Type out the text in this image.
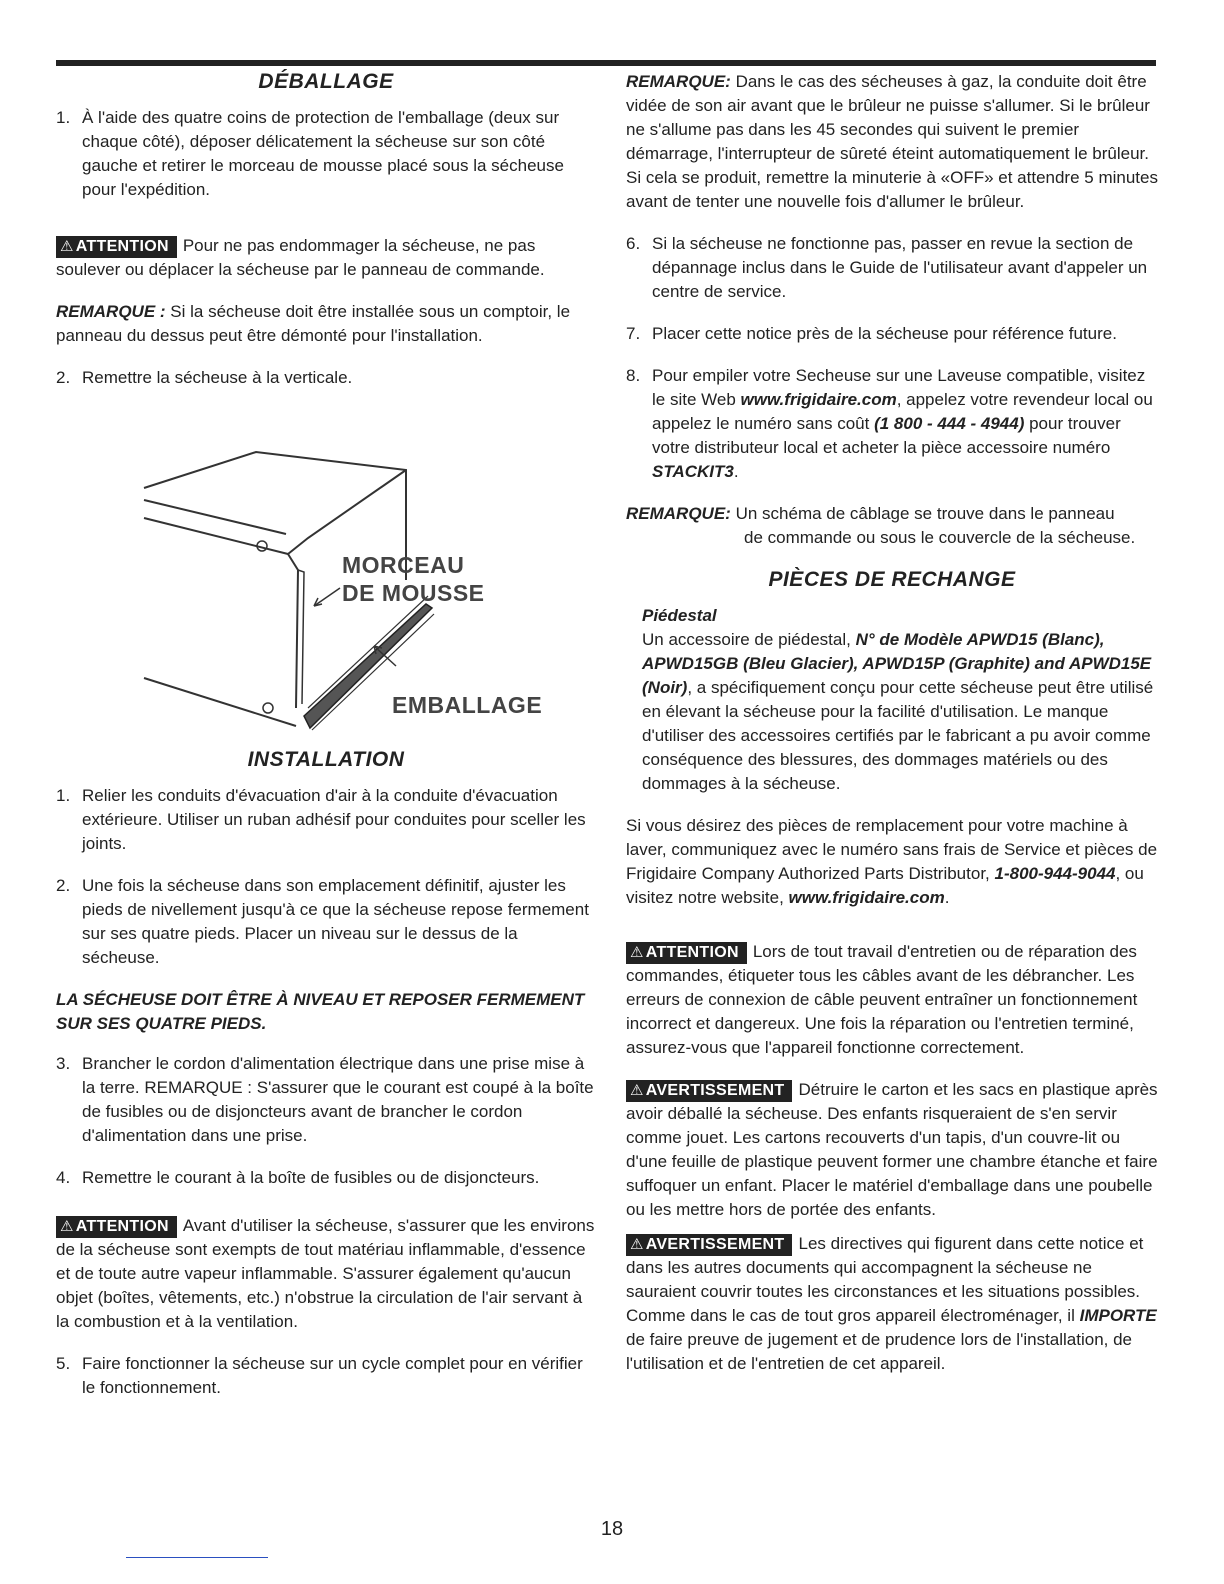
DÉBALLAGE
1. À l'aide des quatre coins de protection de l'emballage (deux sur chaque côté), déposer délicatement la sécheuse sur son côté gauche et retirer le morceau de mousse placé sous la sécheuse pour l'expédition.

⚠ ATTENTION Pour ne pas endommager la sécheuse, ne pas soulever ou déplacer la sécheuse par le panneau de commande.

REMARQUE : Si la sécheuse doit être installée sous un comptoir, le panneau du dessus peut être démonté pour l'installation.

2. Remettre la sécheuse à la verticale.
MORCEAU
DE MOUSSE
EMBALLAGE
INSTALLATION
1. Relier les conduits d'évacuation d'air à la conduite d'évacuation extérieure. Utiliser un ruban adhésif pour conduites pour sceller les joints.
2. Une fois la sécheuse dans son emplacement définitif, ajuster les pieds de nivellement jusqu'à ce que la sécheuse repose fermement sur ses quatre pieds. Placer un niveau sur le dessus de la sécheuse.
LA SÉCHEUSE DOIT ÊTRE À NIVEAU ET REPOSER FERMEMENT SUR SES QUATRE PIEDS.
3. Brancher le cordon d'alimentation électrique dans une prise mise à la terre. REMARQUE : S'assurer que le courant est coupé à la boîte de fusibles ou de disjoncteurs avant de brancher le cordon d'alimentation dans une prise.
4. Remettre le courant à la boîte de fusibles ou de disjoncteurs.

⚠ ATTENTION Avant d'utiliser la sécheuse, s'assurer que les environs de la sécheuse sont exempts de tout matériau inflammable, d'essence et de toute autre vapeur inflammable. S'assurer également qu'aucun objet (boîtes, vêtements, etc.) n'obstrue la circulation de l'air servant à la combustion et à la ventilation.

5. Faire fonctionner la sécheuse sur un cycle complet pour en vérifier le fonctionnement.

REMARQUE: Dans le cas des sécheuses à gaz, la conduite doit être vidée de son air avant que le brûleur ne puisse s'allumer. Si le brûleur ne s'allume pas dans les 45 secondes qui suivent le premier démarrage, l'interrupteur de sûreté éteint automatiquement le brûleur. Si cela se produit, remettre la minuterie à «OFF» et attendre 5 minutes avant de tenter une nouvelle fois d'allumer le brûleur.

6. Si la sécheuse ne fonctionne pas, passer en revue la section de dépannage inclus dans le Guide de l'utilisateur avant d'appeler un centre de service.
7. Placer cette notice près de la sécheuse pour référence future.
8. Pour empiler votre Secheuse sur une Laveuse compatible, visitez le site Web www.frigidaire.com, appelez votre revendeur local ou appelez le numéro sans coût (1 800 - 444 - 4944) pour trouver votre distributeur local et acheter la pièce accessoire numéro STACKIT3.

REMARQUE: Un schéma de câblage se trouve dans le panneau

de commande ou sous le couvercle de la sécheuse.

PIÈCES DE RECHANGE

Piédestal

Un accessoire de piédestal, N° de Modèle APWD15 (Blanc), APWD15GB (Bleu Glacier), APWD15P (Graphite) and APWD15E (Noir), a spécifiquement conçu pour cette sécheuse peut être utilisé en élevant la sécheuse pour la facilité d'utilisation. Le manque d'utiliser des accessoires certifiés par le fabricant a pu avoir comme conséquence des blessures, des dommages matériels ou des dommages à la sécheuse.

Si vous désirez des pièces de remplacement pour votre machine à laver, communiquez avec le numéro sans frais de Service et pièces de Frigidaire Company Authorized Parts Distributor, 1-800-944-9044, ou visitez notre website, www.frigidaire.com.

⚠ ATTENTION Lors de tout travail d'entretien ou de réparation des commandes, étiqueter tous les câbles avant de les débrancher. Les erreurs de connexion de câble peuvent entraîner un fonctionnement incorrect et dangereux. Une fois la réparation ou l'entretien terminé, assurez-vous que l'appareil fonctionne correctement.

⚠ AVERTISSEMENT Détruire le carton et les sacs en plastique après avoir déballé la sécheuse. Des enfants risqueraient de s'en servir comme jouet. Les cartons recouverts d'un tapis, d'un couvre-lit ou d'une feuille de plastique peuvent former une chambre étanche et faire suffoquer un enfant. Placer le matériel d'emballage dans une poubelle ou les mettre hors de portée des enfants.

⚠ AVERTISSEMENT Les directives qui figurent dans cette notice et dans les autres documents qui accompagnent la sécheuse ne sauraient couvrir toutes les circonstances et les situations possibles. Comme dans le cas de tout gros appareil électroménager, il IMPORTE de faire preuve de jugement et de prudence lors de l'installation, de l'utilisation et de l'entretien de cet appareil.

18
